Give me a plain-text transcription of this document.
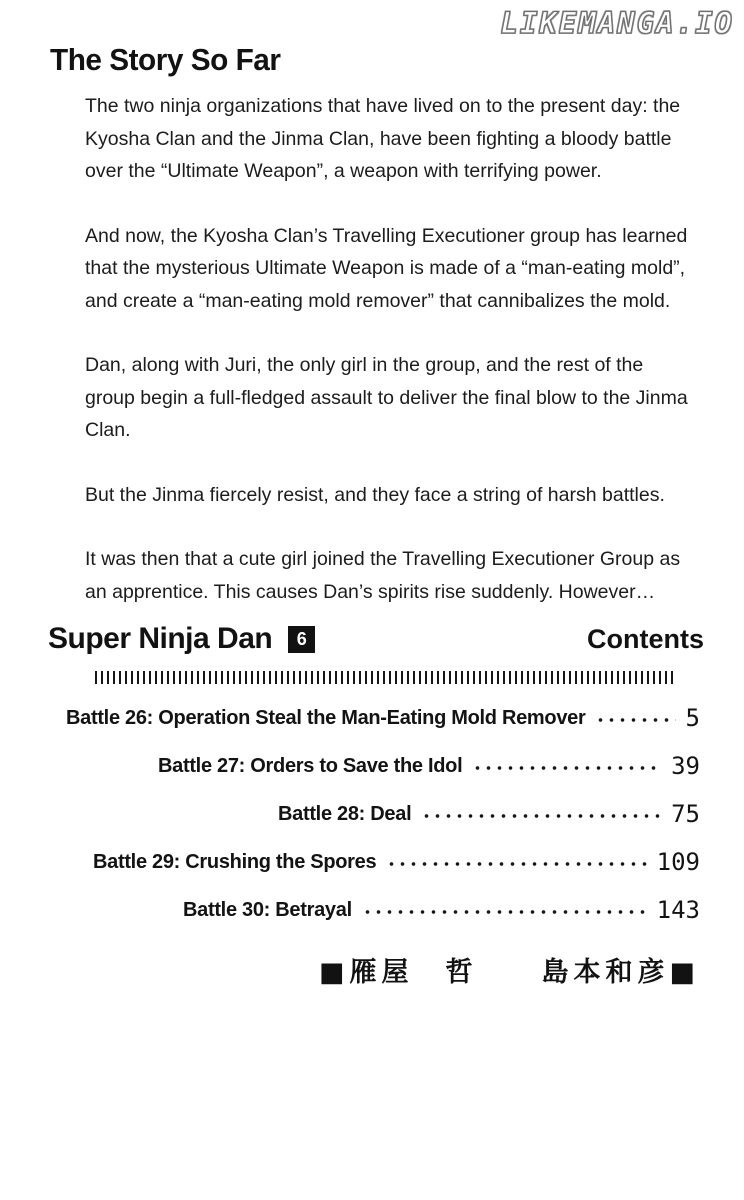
LIKEMANGA.IO
The Story So Far

The two ninja organizations that have lived on to the present day: the Kyosha Clan and the Jinma Clan, have been fighting a bloody battle over the “Ultimate Weapon”, a weapon with terrifying power.

And now, the Kyosha Clan’s Travelling Executioner group has learned that the mysterious Ultimate Weapon is made of a “man-eating mold”, and create a “man-eating mold remover” that cannibalizes the mold.

Dan, along with Juri, the only girl in the group, and the rest of the group begin a full-fledged assault to deliver the final blow to the Jinma Clan.

But the Jinma fiercely resist, and they face a string of harsh battles.

It was then that a cute girl joined the Travelling Executioner Group as an apprentice. This causes Dan’s spirits rise suddenly. However…

Super Ninja Dan	6	Contents
Battle 26: Operation Steal the Man-Eating Mold Remover	5
Battle 27: Orders to Save the Idol	39
Battle 28: Deal	75
Battle 29: Crushing the Spores	109
Battle 30: Betrayal	143
■雁屋　哲　　島本和彦■
